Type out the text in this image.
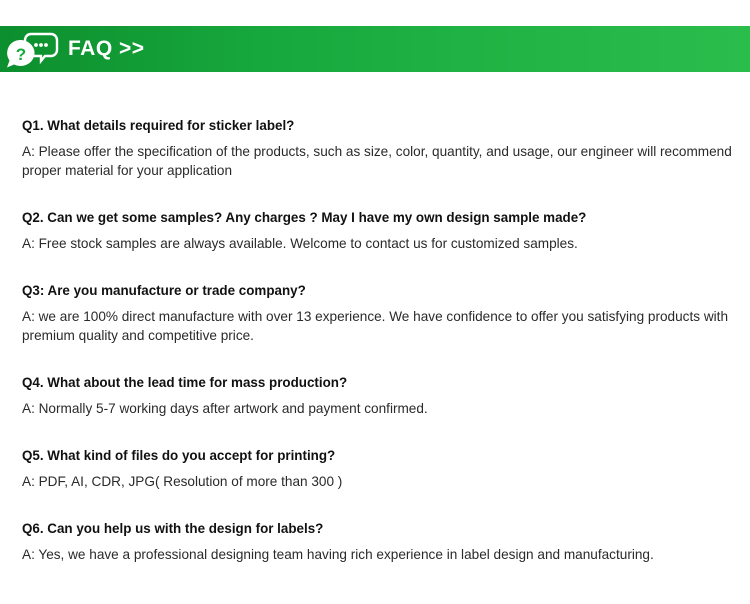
? FAQ >>

Q1. What details required for sticker label?

A: Please offer the specification of the products, such as size, color, quantity, and usage, our engineer will recommend proper material for your application

Q2. Can we get some samples? Any charges ? May I have my own design sample made?

A: Free stock samples are always available. Welcome to contact us for customized samples.

Q3: Are you manufacture or trade company?

A: we are 100% direct manufacture with over 13 experience. We have confidence to offer you satisfying products with premium quality and competitive price.

Q4. What about the lead time for mass production?

A: Normally 5-7 working days after artwork and payment confirmed.

Q5. What kind of files do you accept for printing?

A: PDF, AI, CDR, JPG( Resolution of more than 300 )

Q6. Can you help us with the design for labels?

A: Yes, we have a professional designing team having rich experience in label design and manufacturing.
